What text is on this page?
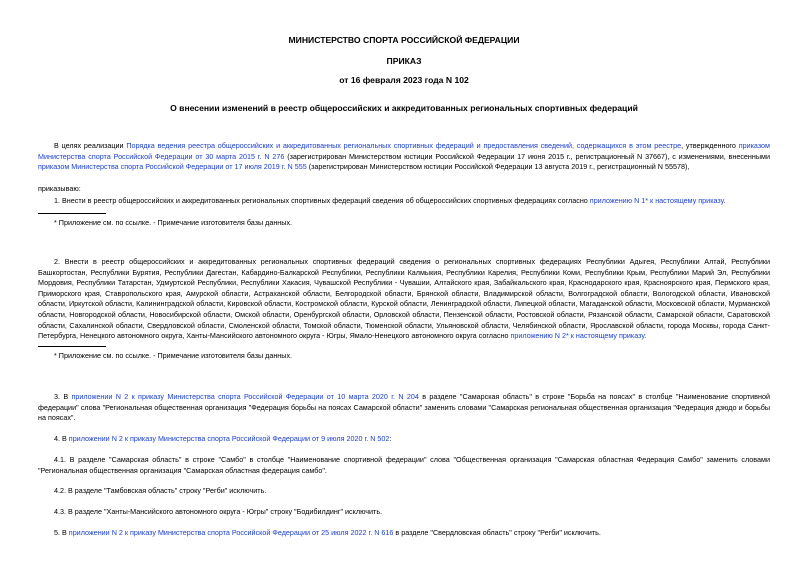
МИНИСТЕРСТВО СПОРТА РОССИЙСКОЙ ФЕДЕРАЦИИ
ПРИКАЗ
от 16 февраля 2023 года N 102
О внесении изменений в реестр общероссийских и аккредитованных региональных спортивных федераций
В целях реализации Порядка ведения реестра общероссийских и аккредитованных региональных спортивных федераций и предоставления сведений, содержащихся в этом реестре, утвержденного приказом Министерства спорта Российской Федерации от 30 марта 2015 г. N 276 (зарегистрирован Министерством юстиции Российской Федерации 17 июня 2015 г., регистрационный N 37667), с изменениями, внесенными приказом Министерства спорта Российской Федерации от 17 июля 2019 г. N 555 (зарегистрирован Министерством юстиции Российской Федерации 13 августа 2019 г., регистрационный N 55578),
приказываю:
1. Внести в реестр общероссийских и аккредитованных региональных спортивных федераций сведения об общероссийских спортивных федерациях согласно приложению N 1* к настоящему приказу.
* Приложение см. по ссылке. - Примечание изготовителя базы данных.
2. Внести в реестр общероссийских и аккредитованных региональных спортивных федераций сведения о региональных спортивных федерациях Республики Адыгея, Республики Алтай, Республики Башкортостан, Республики Бурятия, Республики Дагестан, Кабардино-Балкарской Республики, Республики Калмыкия, Республики Карелия, Республики Коми, Республики Крым, Республики Марий Эл, Республики Мордовия, Республики Татарстан, Удмуртской Республики, Республики Хакасия, Чувашской Республики - Чувашии, Алтайского края, Забайкальского края, Краснодарского края, Красноярского края, Пермского края, Приморского края, Ставропольского края, Амурской области, Астраханской области, Белгородской области, Брянской области, Владимирской области, Волгоградской области, Вологодской области, Ивановской области, Иркутской области, Калининградской области, Кировской области, Костромской области, Курской области, Ленинградской области, Липецкой области, Магаданской области, Московской области, Мурманской области, Новгородской области, Новосибирской области, Омской области, Оренбургской области, Орловской области, Пензенской области, Ростовской области, Рязанской области, Самарской области, Саратовской области, Сахалинской области, Свердловской области, Смоленской области, Томской области, Тюменской области, Ульяновской области, Челябинской области, Ярославской области, города Москвы, города Санкт-Петербурга, Ненецкого автономного округа, Ханты-Мансийского автономного округа - Югры, Ямало-Ненецкого автономного округа согласно приложению N 2* к настоящему приказу.
* Приложение см. по ссылке. - Примечание изготовителя базы данных.
3. В приложении N 2 к приказу Министерства спорта Российской Федерации от 10 марта 2020 г. N 204 в разделе "Самарская область" в строке "Борьба на поясах" в столбце "Наименование спортивной федерации" слова "Региональная общественная организация "Федерация борьбы на поясах Самарской области" заменить словами "Самарская региональная общественная организация "Федерация дзюдо и борьбы на поясах".
4. В приложении N 2 к приказу Министерства спорта Российской Федерации от 9 июля 2020 г. N 502:
4.1. В разделе "Самарская область" в строке "Самбо" в столбце "Наименование спортивной федерации" слова "Общественная организация "Самарская областная Федерация Самбо" заменить словами "Региональная общественная организация "Самарская областная федерация самбо".
4.2. В разделе "Тамбовская область" строку "Регби" исключить.
4.3. В разделе "Ханты-Мансийского автономного округа - Югры" строку "Бодибилдинг" исключить.
5. В приложении N 2 к приказу Министерства спорта Российской Федерации от 25 июля 2022 г. N 616 в разделе "Свердловская область" строку "Регби" исключить.
